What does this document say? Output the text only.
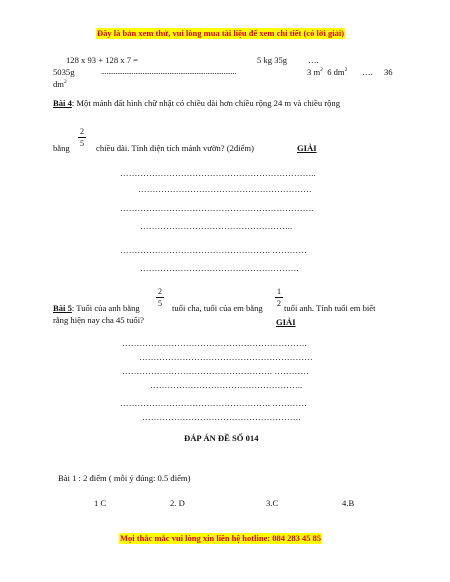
Đây là bản xem thử, vui lòng mua tài liệu để xem chi tiết (có lời giải)
128 x 93 + 128 x 7 =	5 kg 35g ….
5035g	...........................................................................	3 $m^2$ 6 $dm^2$ …. 36
$dm^2$
Bài 4: Một mảnh đất hình chữ nhật có chiều dài hơn chiều rộng 24 m và chiều rộng
bằng
2
5 chiều dài. Tính diện tích mảnh vườn? (2điểm)	GIẢI
…………………………………………………………..
……………………………………………………
………………………………………………………….
……………………………………………..
……………………………………………. …………
……………………………………………….
Bài 5: Tuổi của anh bằng
2
5 tuổi cha, tuổi của em bằng
1
2 tuổi anh. Tính tuổi em biết
rằng hiện nay cha 45 tuổi?	GIẢI
……………………………………………………….
……………………………………………………
……………………………………………. …………
……………………………………………..
……………………………………………. …………
……………………………………………….
ĐÁP ÁN ĐỀ SỐ 014
Bài 1 : 2 điểm ( mỗi ý đúng: 0.5 điểm)
1 C	2. D	3.C	4.B
Mọi thắc mắc vui lòng xin liên hệ hotline: 084 283 45 85
